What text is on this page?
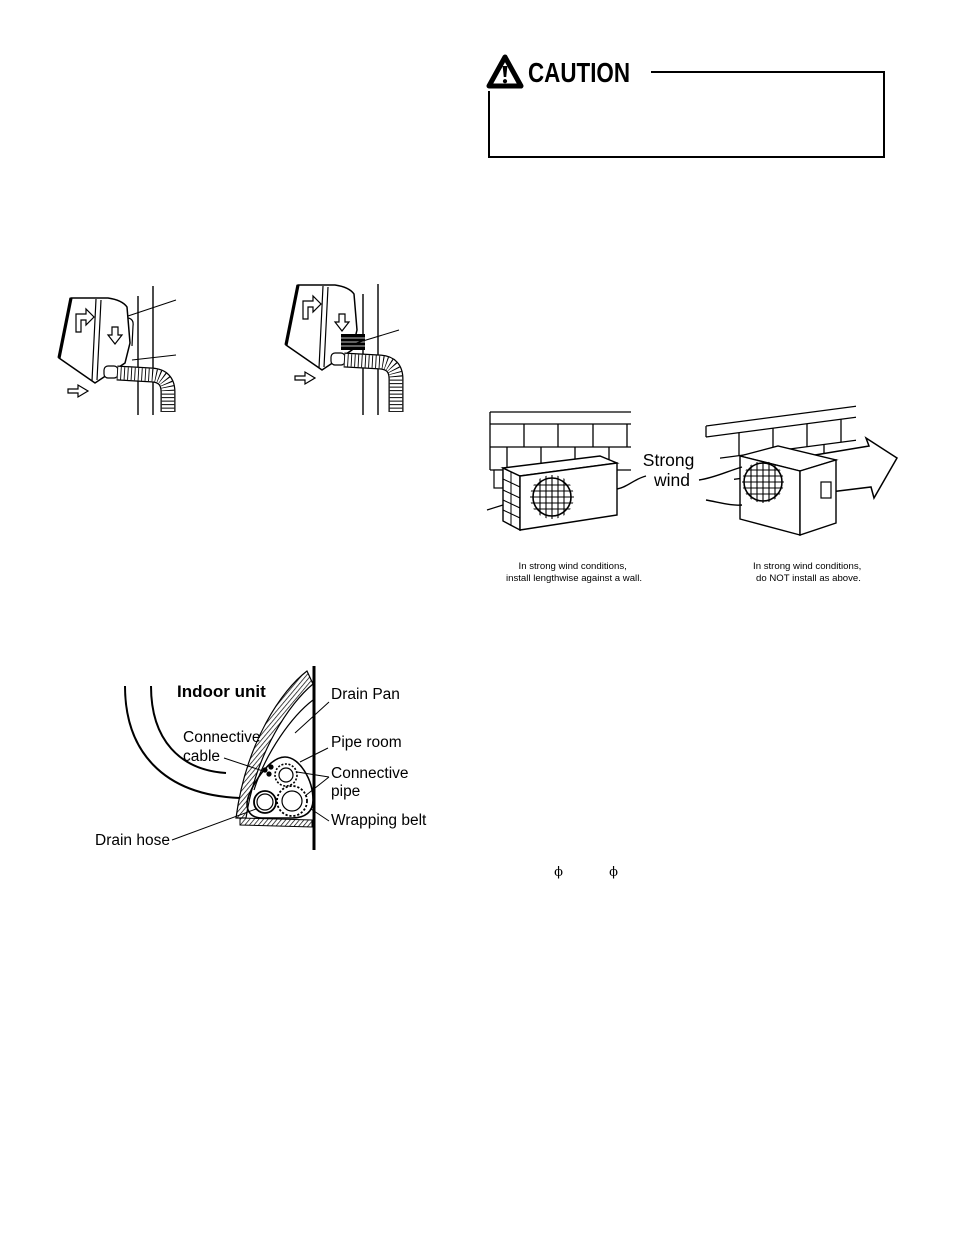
CAUTION
Indoor unit	Drain Pan
Connective cable
Pipe room
Connective pipe
Wrapping belt
Drain hose
Strong wind
In strong wind conditions, install lengthwise against a wall.
In strong wind conditions, do NOT install as above.
ϕ	ϕ
